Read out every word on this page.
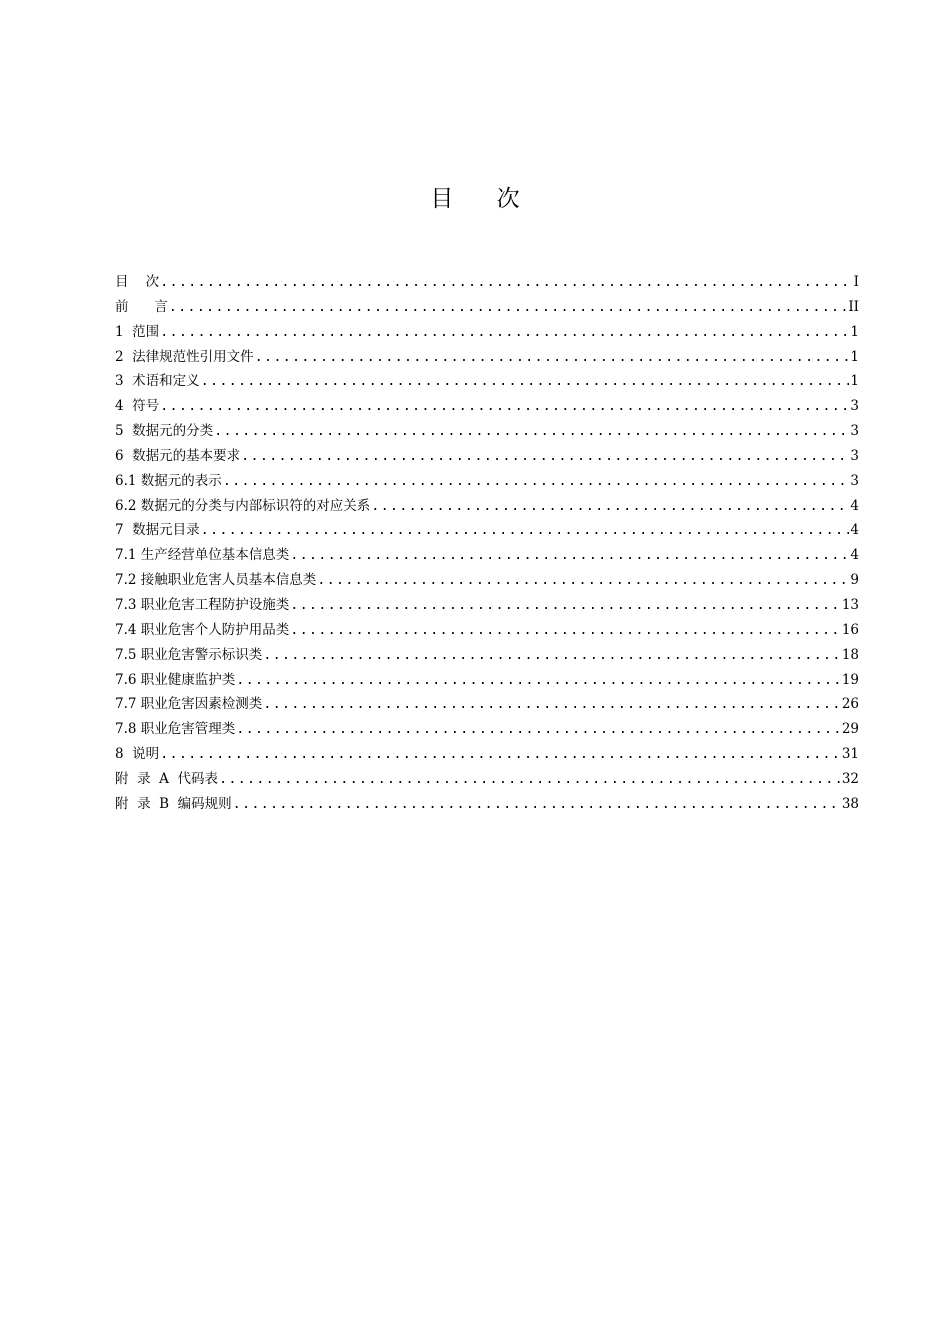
目 次
目    次 .....	I
前      言 .....	II
1  范围 .....	1
2  法律规范性引用文件 .....	1
3  术语和定义 .....	1
4  符号 .....	3
5  数据元的分类 .....	3
6  数据元的基本要求 .....	3
6.1 数据元的表示 .....	3
6.2 数据元的分类与内部标识符的对应关系 .....	4
7  数据元目录 .....	4
7.1 生产经营单位基本信息类 .....	4
7.2 接触职业危害人员基本信息类 .....	9
7.3 职业危害工程防护设施类 .....	13
7.4 职业危害个人防护用品类 .....	16
7.5 职业危害警示标识类 .....	18
7.6 职业健康监护类 .....	19
7.7 职业危害因素检测类 .....	26
7.8 职业危害管理类 .....	29
8  说明 .....	31
附  录  A  代码表 .....	32
附  录  B  编码规则 .....	38
